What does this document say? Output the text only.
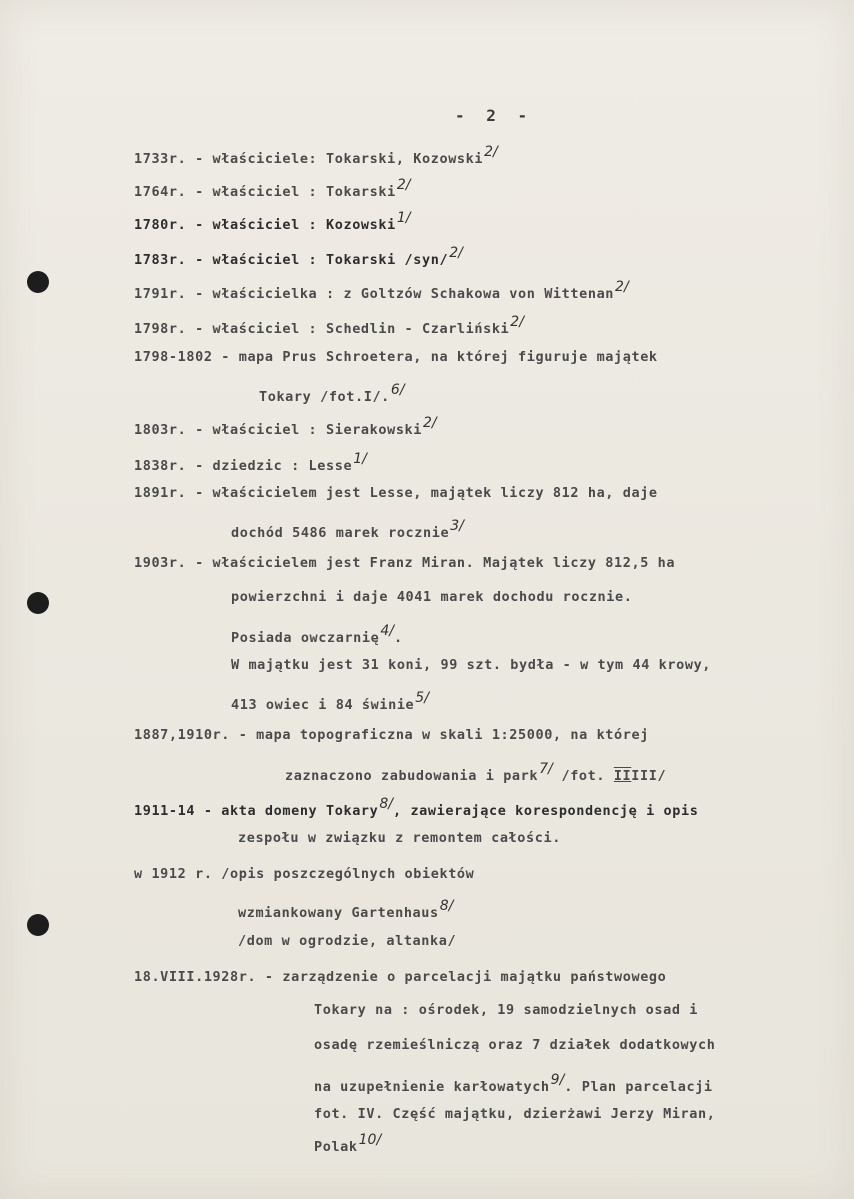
- 2 -
1733r. - właściciele: Tokarski, Kozowski$^{2/}$
1764r. - właściciel : Tokarski$^{2/}$
1780r. - właściciel : Kozowski$^{1/}$
1783r. - właściciel : Tokarski /syn/$^{2/}$
1791r. - właścicielka : z Goltzów Schakowa von Wittenan$^{2/}$
1798r. - właściciel : Schedlin - Czarliński$^{2/}$
1798-1802 - mapa Prus Schroetera, na której figuruje majątek
Tokary /fot.I/.$^{6/}$
1803r. - właściciel : Sierakowski$^{2/}$
1838r. - dziedzic : Lesse$^{1/}$
1891r. - właścicielem jest Lesse, majątek liczy 812 ha, daje
dochód 5486 marek rocznie$^{3/}$
1903r. - właścicielem jest Franz Miran. Majątek liczy 812,5 ha
powierzchni i daje 4041 marek dochodu rocznie.
Posiada owczarnię$^{4/}$.
W majątku jest 31 koni, 99 szt. bydła - w tym 44 krowy,
413 owiec i 84 świnie$^{5/}$
1887,1910r. - mapa topograficzna w skali 1:25000, na której
zaznaczono zabudowania i park$^{7/}$ /fot. IIIII/
1911-14 - akta domeny Tokary$^{8/}$, zawierające korespondencję i opis
zespołu w związku z remontem całości.
w 1912 r. /opis poszczególnych obiektów
wzmiankowany Gartenhaus$^{8/}$
/dom w ogrodzie, altanka/
18.VIII.1928r. - zarządzenie o parcelacji majątku państwowego
Tokary na : ośrodek, 19 samodzielnych osad i
osadę rzemieślniczą oraz 7 działek dodatkowych
na uzupełnienie karłowatych$^{9/}$. Plan parcelacji
fot. IV. Część majątku, dzierżawi Jerzy Miran,
Polak$^{10/}$
